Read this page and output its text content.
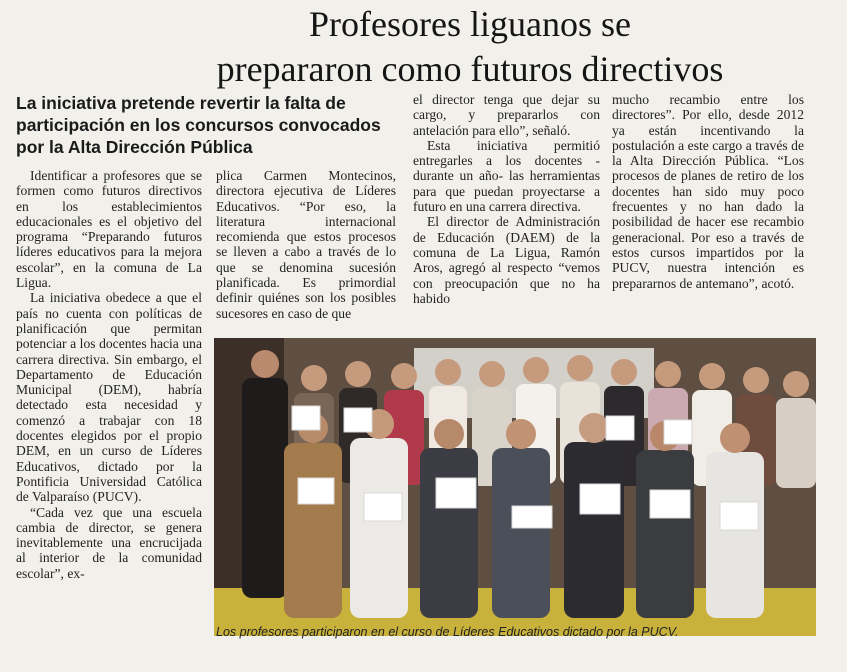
Profesores liguanos se
prepararon como futuros directivos
La iniciativa pretende revertir la falta de participación en los concursos convocados por la Alta Dirección Pública

Identificar a profesores que se formen como futuros directivos en los establecimientos educacionales es el objetivo del programa “Preparando futuros líderes educativos para la mejora escolar”, en la comuna de La Ligua.

La iniciativa obedece a que el país no cuenta con políticas de planificación que permitan potenciar a los docentes hacia una carrera directiva. Sin embargo, el Departamento de Educación Municipal (DEM), habría detectado esta necesidad y comenzó a trabajar con 18 docentes elegidos por el propio DEM, en un curso de Líderes Educativos, dictado por la Pontificia Universidad Católica de Valparaíso (PUCV).

“Cada vez que una escuela cambia de director, se genera inevitablemente una encrucijada al interior de la comunidad escolar”, ex-

plica Carmen Montecinos, directora ejecutiva de Líderes Educativos. “Por eso, la literatura internacional recomienda que estos procesos se lleven a cabo a través de lo que se denomina sucesión planificada. Es primordial definir quiénes son los posibles sucesores en caso de que

el director tenga que dejar su cargo, y prepararlos con antelación para ello”, señaló.

Esta iniciativa permitió entregarles a los docentes -durante un año- las herramientas para que puedan proyectarse a futuro en una carrera directiva.

El director de Administración de Educación (DAEM) de la comuna de La Ligua, Ramón Aros, agregó al respecto “vemos con preocupación que no ha habido

mucho recambio entre los directores”. Por ello, desde 2012 ya están incentivando la postulación a este cargo a través de la Alta Dirección Pública. “Los procesos de planes de retiro de los docentes han sido muy poco frecuentes y no han dado la posibilidad de hacer ese recambio generacional. Por eso a través de estos cursos impartidos por la PUCV, nuestra intención es prepararnos de antemano”, acotó.

Los profesores participaron en el curso de Líderes Educativos dictado por la PUCV.
